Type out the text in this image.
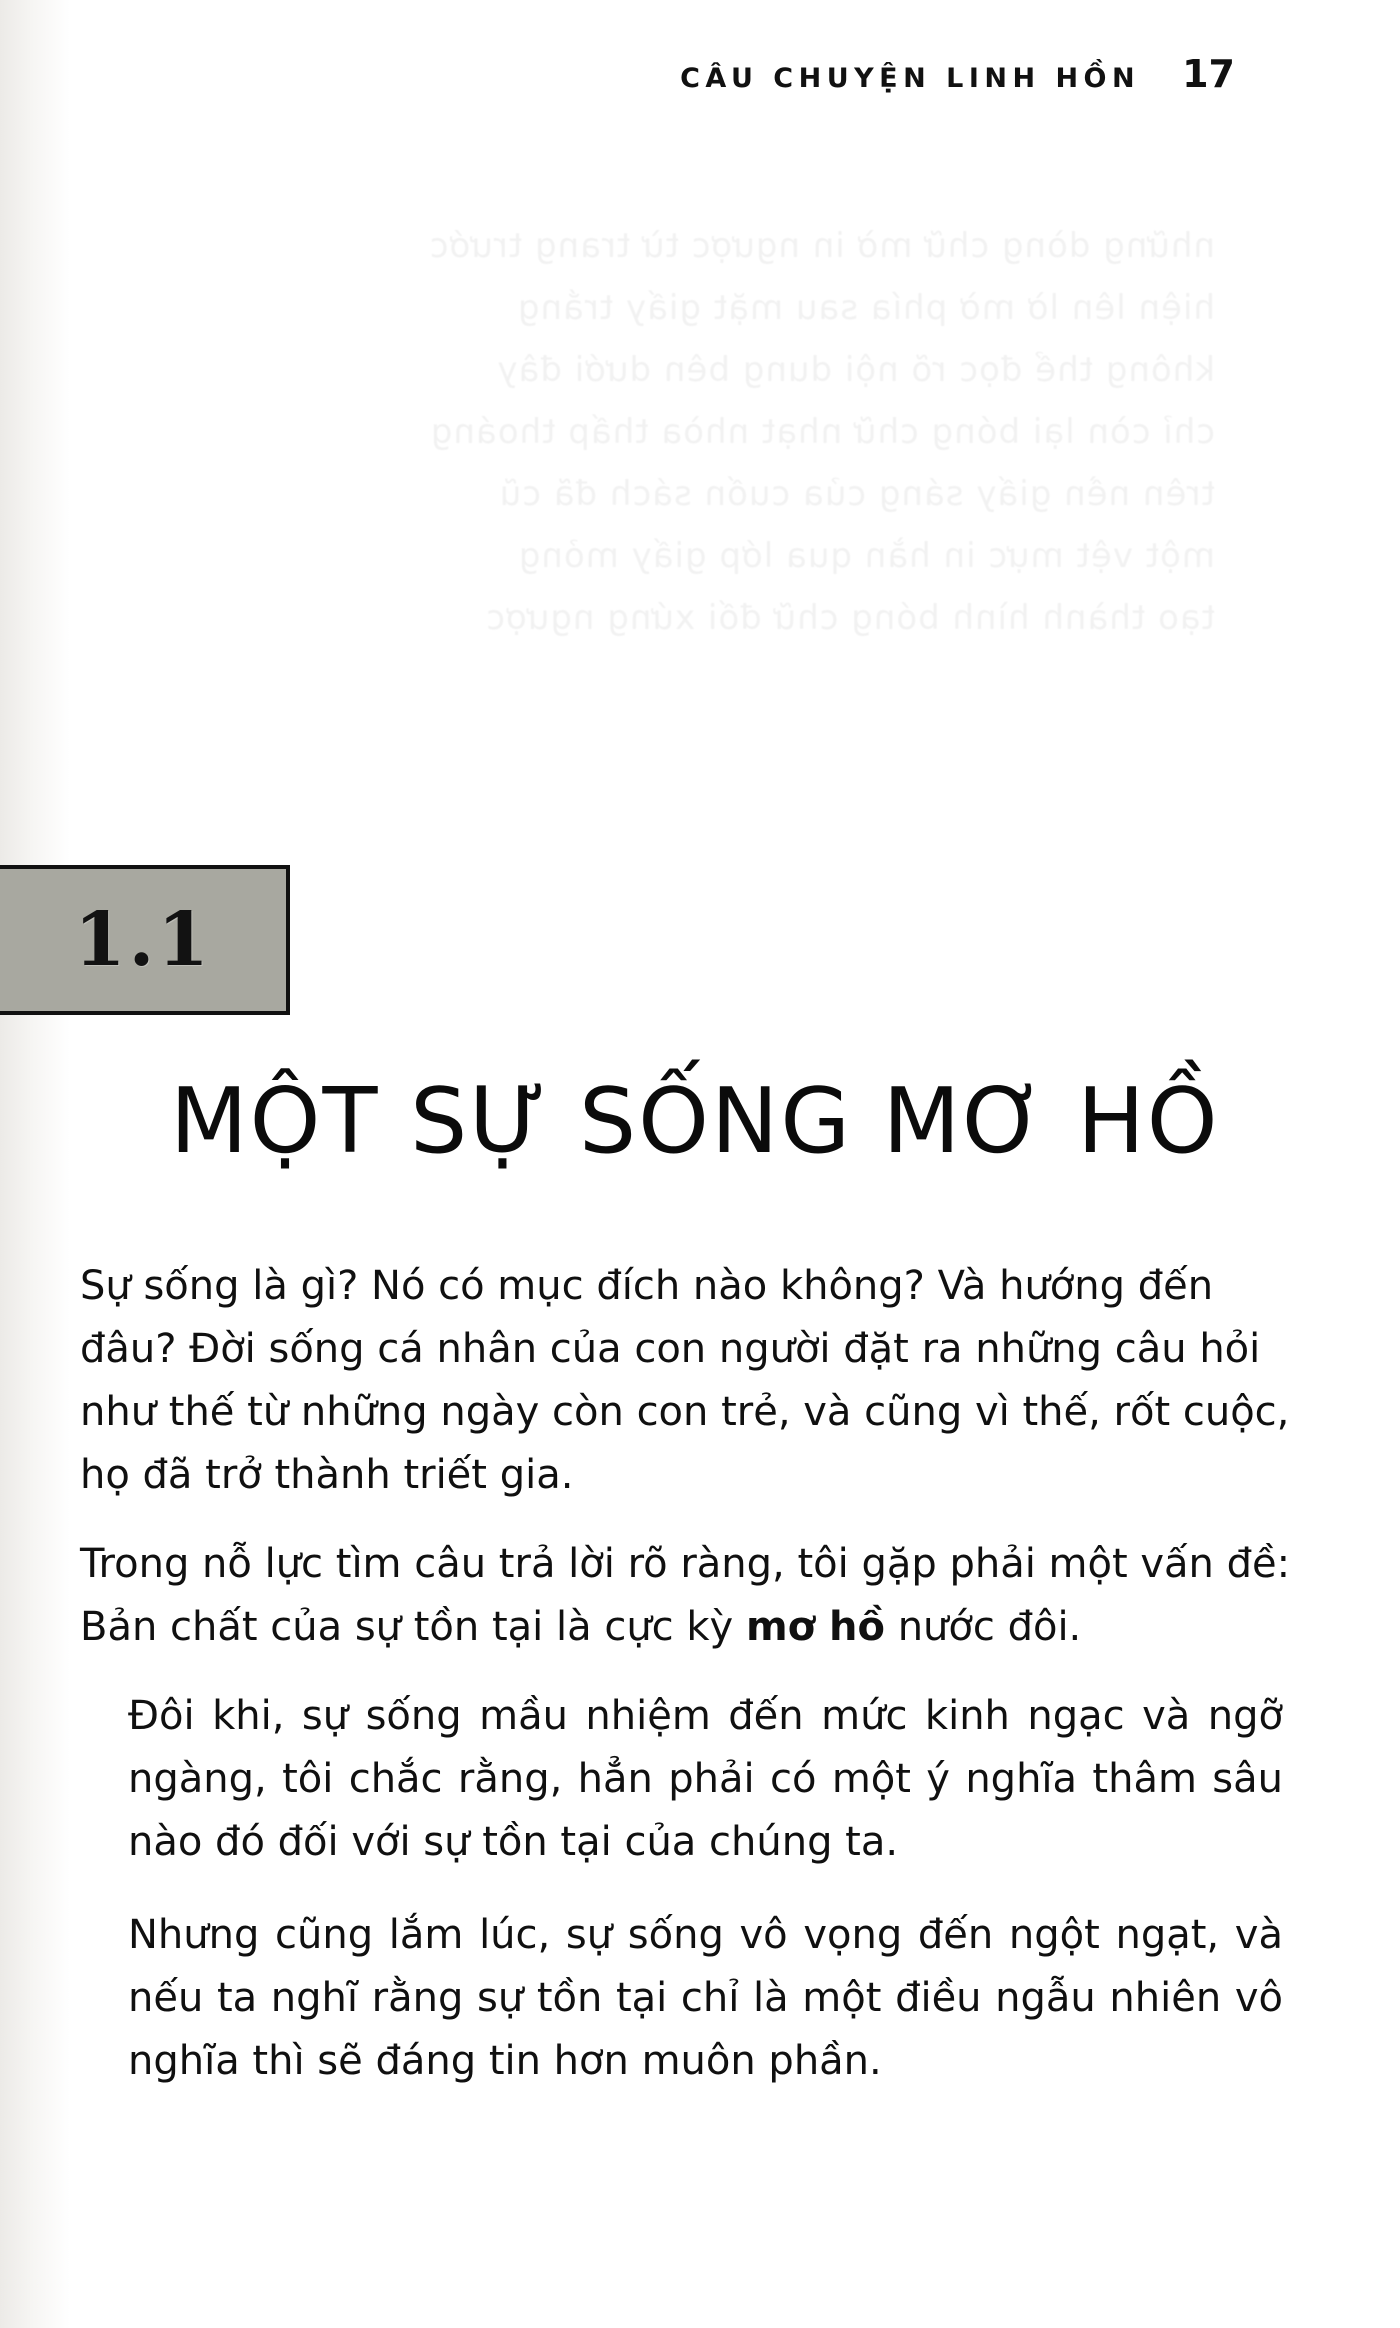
CÂU CHUYỆN LINH HỒN 17
những dòng chữ mờ in ngược từ trang trước
hiện lên lờ mờ phía sau mặt giấy trắng
không thể đọc rõ nội dung bên dưới đây
chỉ còn lại bóng chữ nhạt nhòa thấp thoáng
trên nền giấy sáng của cuốn sách đã cũ
một vệt mực in hằn qua lớp giấy mỏng
tạo thành hình bóng chữ đối xứng ngược
1.1
MỘT SỰ SỐNG MƠ HỒ

Sự sống là gì? Nó có mục đích nào không? Và hướng đến đâu? Đời sống cá nhân của con người đặt ra những câu hỏi như thế từ những ngày còn con trẻ, và cũng vì thế, rốt cuộc, họ đã trở thành triết gia.

Trong nỗ lực tìm câu trả lời rõ ràng, tôi gặp phải một vấn đề: Bản chất của sự tồn tại là cực kỳ mơ hồ nước đôi.

Đôi khi, sự sống mầu nhiệm đến mức kinh ngạc và ngỡ ngàng, tôi chắc rằng, hẳn phải có một ý nghĩa thâm sâu nào đó đối với sự tồn tại của chúng ta.

Nhưng cũng lắm lúc, sự sống vô vọng đến ngột ngạt, và nếu ta nghĩ rằng sự tồn tại chỉ là một điều ngẫu nhiên vô nghĩa thì sẽ đáng tin hơn muôn phần.
